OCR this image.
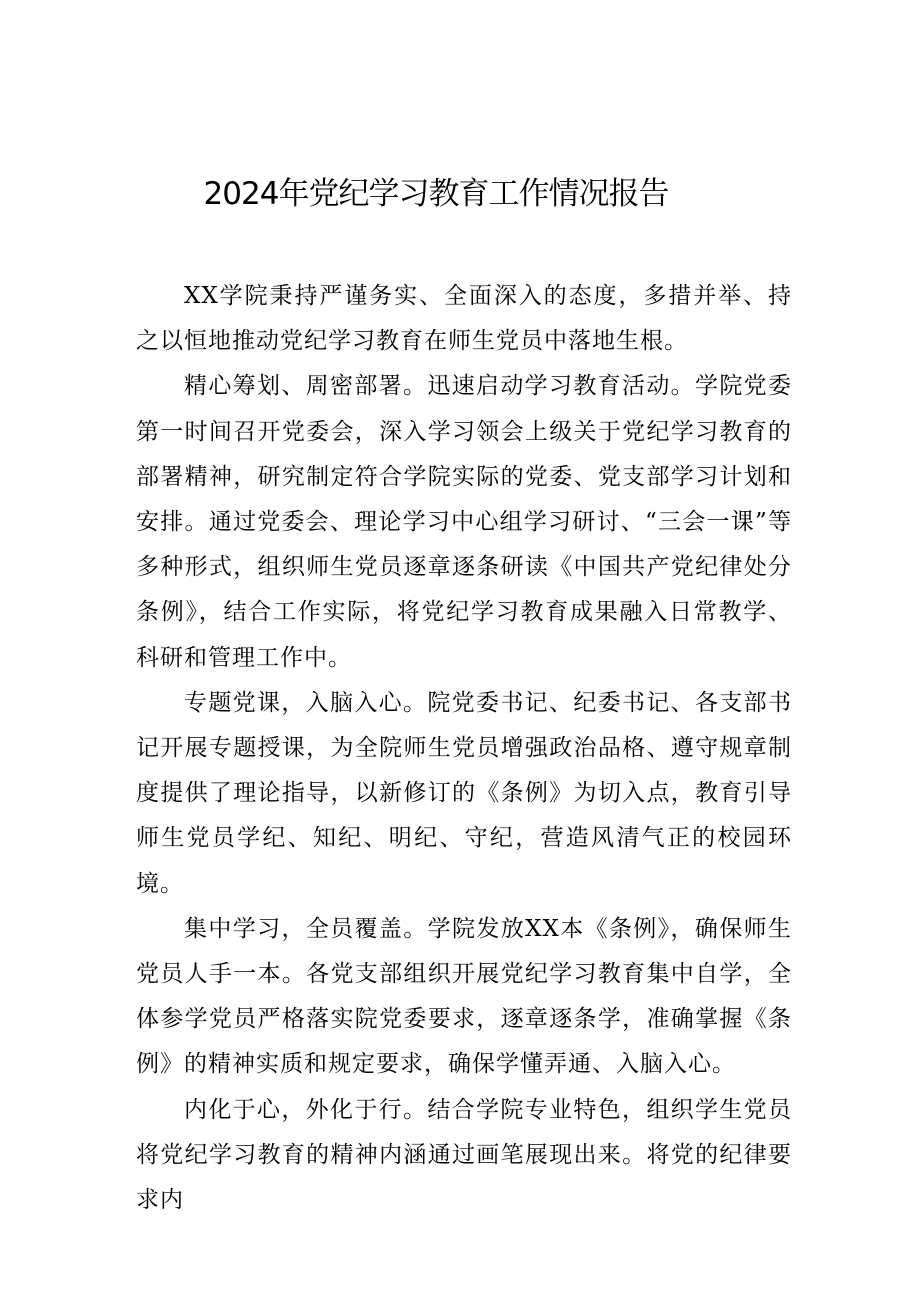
2024年党纪学习教育工作情况报告

XX学院秉持严谨务实、全面深入的态度，多措并举、持之以恒地推动党纪学习教育在师生党员中落地生根。

精心筹划、周密部署。迅速启动学习教育活动。学院党委第一时间召开党委会，深入学习领会上级关于党纪学习教育的部署精神，研究制定符合学院实际的党委、党支部学习计划和安排。通过党委会、理论学习中心组学习研讨、“三会一课”等多种形式，组织师生党员逐章逐条研读《中国共产党纪律处分条例》，结合工作实际，将党纪学习教育成果融入日常教学、科研和管理工作中。

专题党课，入脑入心。院党委书记、纪委书记、各支部书记开展专题授课，为全院师生党员增强政治品格、遵守规章制度提供了理论指导，以新修订的《条例》为切入点，教育引导师生党员学纪、知纪、明纪、守纪，营造风清气正的校园环境。

集中学习，全员覆盖。学院发放XX本《条例》，确保师生党员人手一本。各党支部组织开展党纪学习教育集中自学，全体参学党员严格落实院党委要求，逐章逐条学，准确掌握《条例》的精神实质和规定要求，确保学懂弄通、入脑入心。

内化于心，外化于行。结合学院专业特色，组织学生党员将党纪学习教育的精神内涵通过画笔展现出来。将党的纪律要求内
